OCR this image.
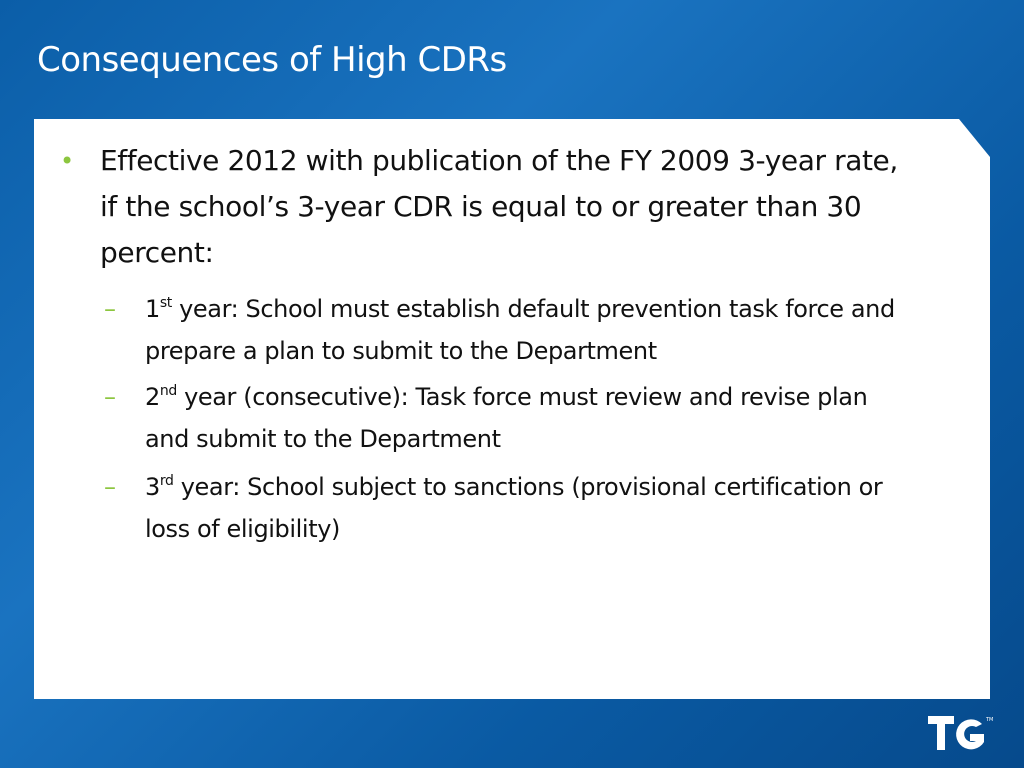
Consequences of High CDRs
• Effective 2012 with publication of the FY 2009 3-year rate, if the school’s 3-year CDR is equal to or greater than 30 percent:
– 1st year: School must establish default prevention task force and prepare a plan to submit to the Department
– 2nd year (consecutive): Task force must review and revise plan and submit to the Department
– 3rd year: School subject to sanctions (provisional certification or loss of eligibility)
TM
